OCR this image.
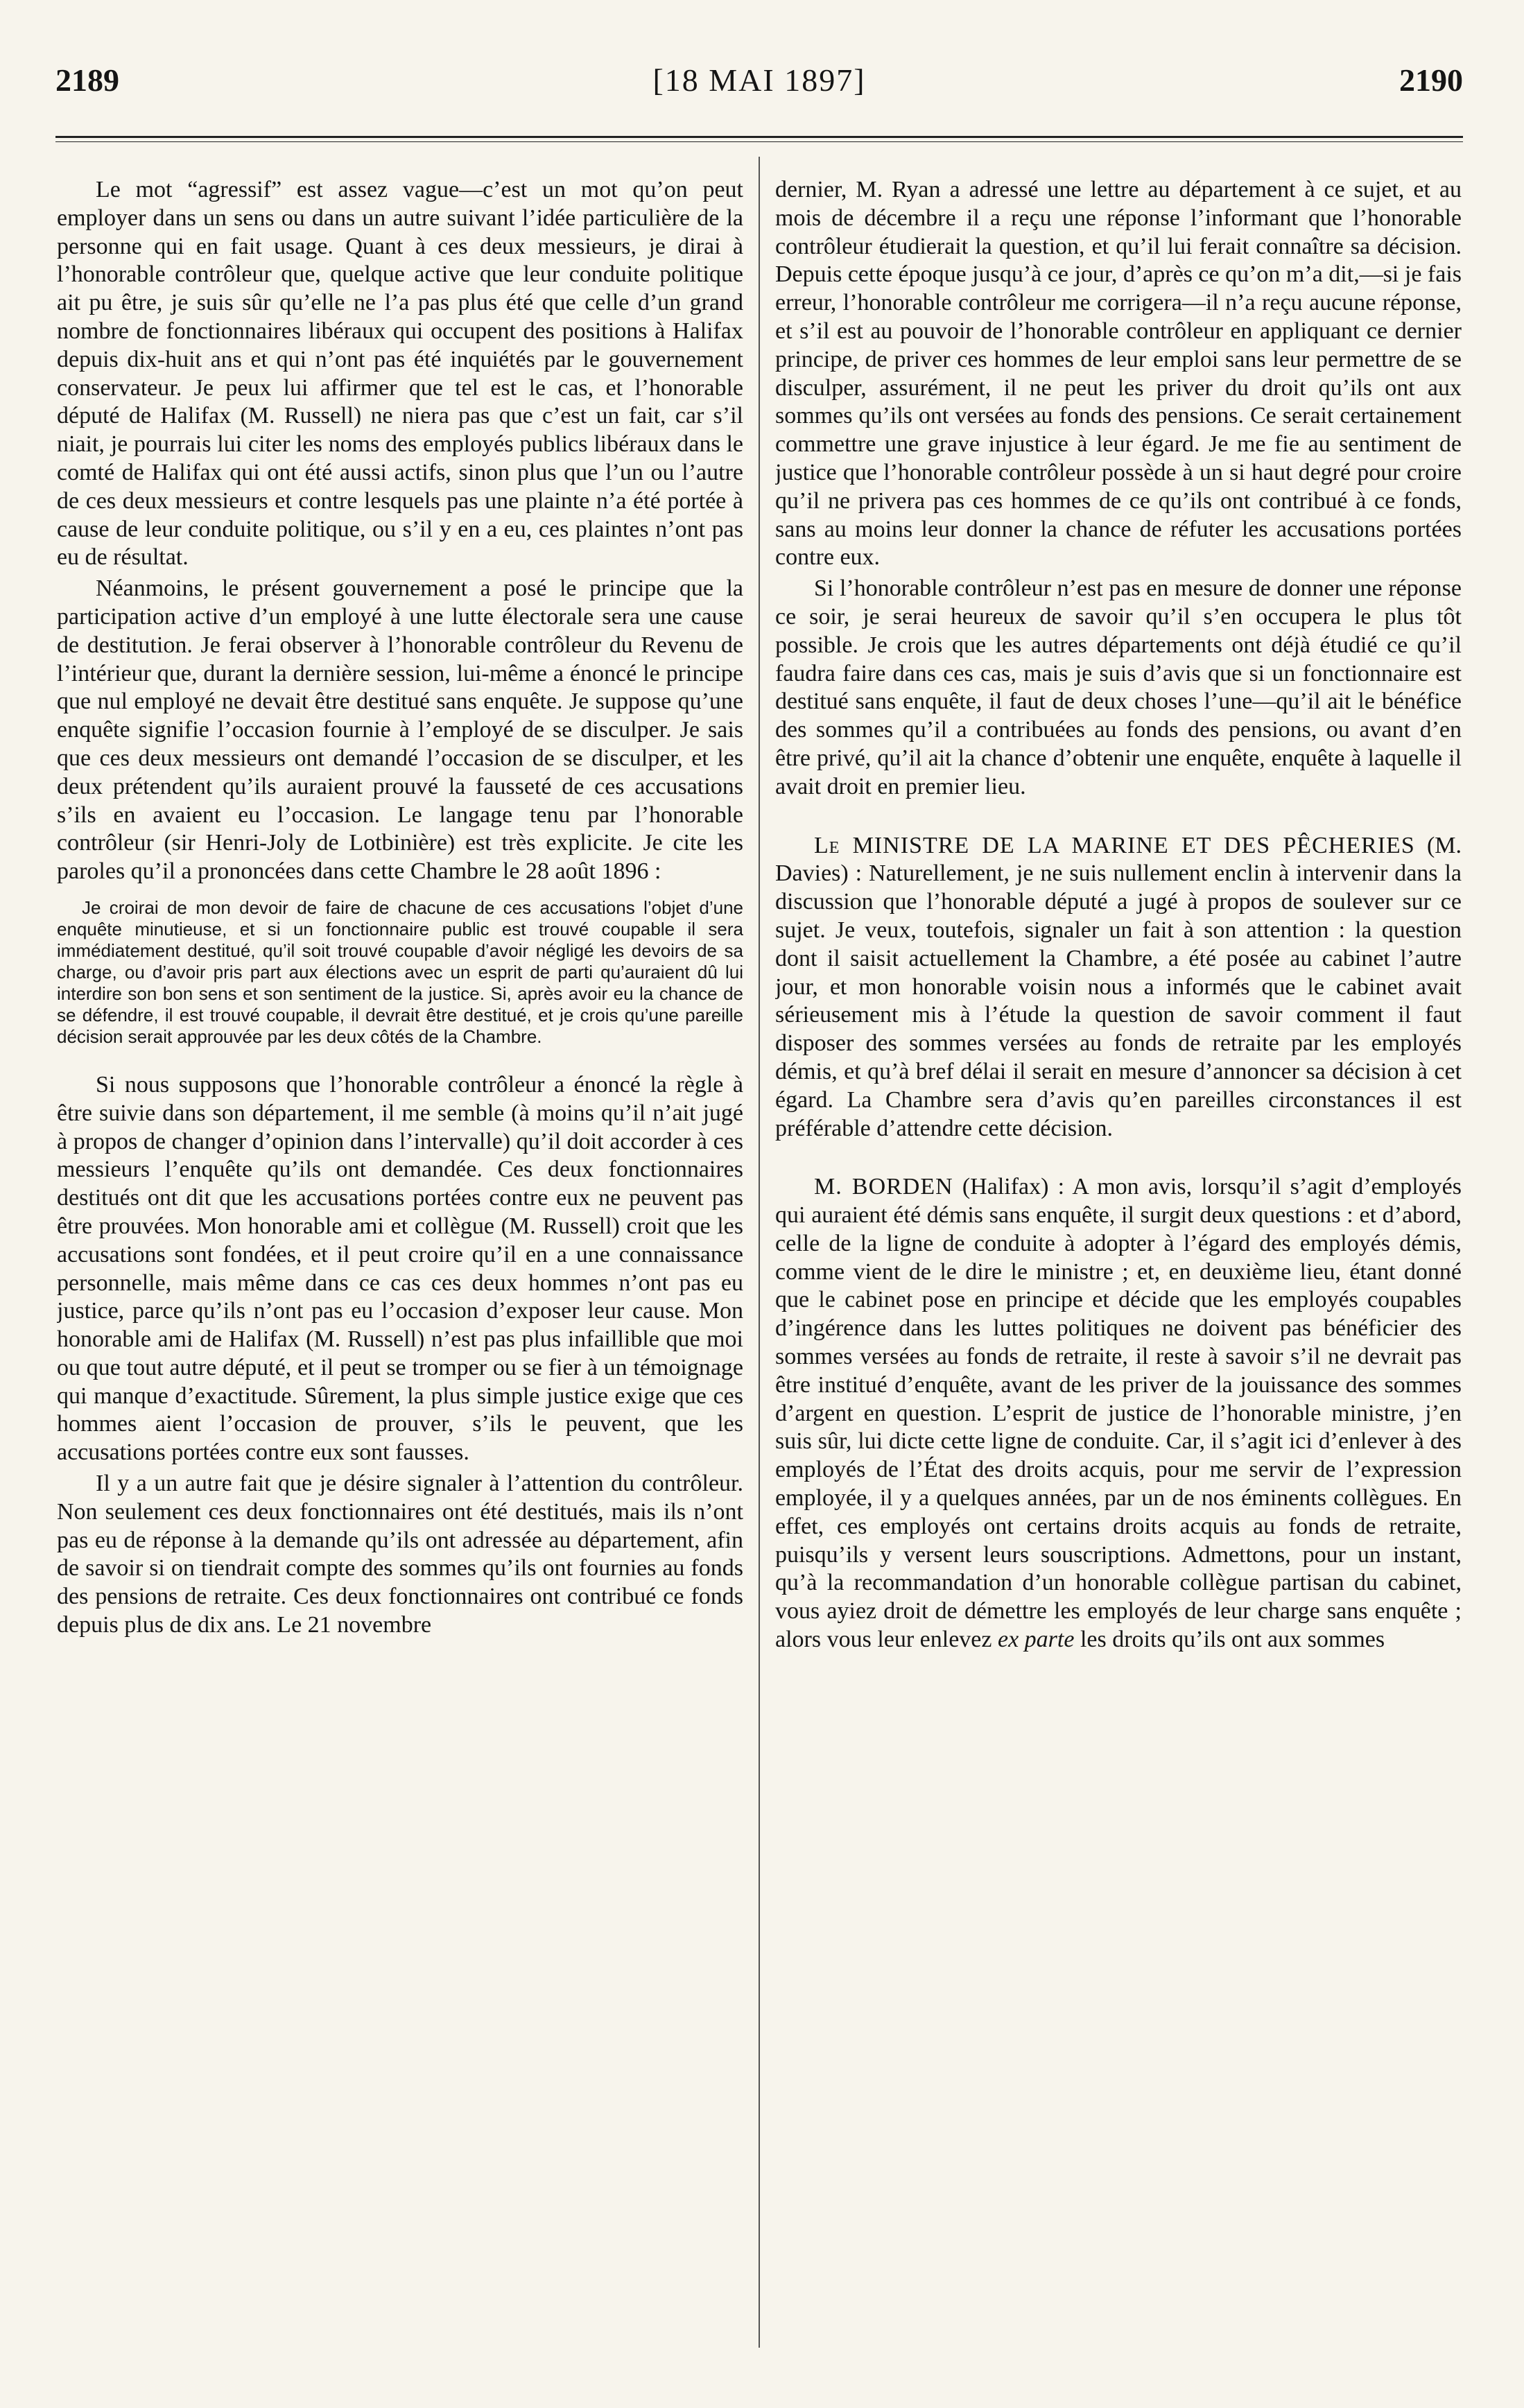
2189	[18 MAI 1897]	2190

Le mot “agressif” est assez vague—c’est un mot qu’on peut employer dans un sens ou dans un autre suivant l’idée particulière de la personne qui en fait usage. Quant à ces deux messieurs, je dirai à l’honorable contrôleur que, quelque active que leur conduite politique ait pu être, je suis sûr qu’elle ne l’a pas plus été que celle d’un grand nombre de fonctionnaires libéraux qui occupent des positions à Halifax depuis dix-huit ans et qui n’ont pas été inquiétés par le gouvernement conservateur. Je peux lui affirmer que tel est le cas, et l’honorable député de Halifax (M. Russell) ne niera pas que c’est un fait, car s’il niait, je pourrais lui citer les noms des employés publics libéraux dans le comté de Halifax qui ont été aussi actifs, sinon plus que l’un ou l’autre de ces deux messieurs et contre lesquels pas une plainte n’a été portée à cause de leur conduite politique, ou s’il y en a eu, ces plaintes n’ont pas eu de résultat.

Néanmoins, le présent gouvernement a posé le principe que la participation active d’un employé à une lutte électorale sera une cause de destitution. Je ferai observer à l’honorable contrôleur du Revenu de l’intérieur que, durant la dernière session, lui-même a énoncé le principe que nul employé ne devait être destitué sans enquête. Je suppose qu’une enquête signifie l’occasion fournie à l’employé de se disculper. Je sais que ces deux messieurs ont demandé l’occasion de se disculper, et les deux prétendent qu’ils auraient prouvé la fausseté de ces accusations s’ils en avaient eu l’occasion. Le langage tenu par l’honorable contrôleur (sir Henri-Joly de Lotbinière) est très explicite. Je cite les paroles qu’il a prononcées dans cette Chambre le 28 août 1896 :

Je croirai de mon devoir de faire de chacune de ces accusations l’objet d’une enquête minutieuse, et si un fonctionnaire public est trouvé coupable il sera immédiatement destitué, qu’il soit trouvé coupable d’avoir négligé les devoirs de sa charge, ou d’avoir pris part aux élections avec un esprit de parti qu’auraient dû lui interdire son bon sens et son sentiment de la justice. Si, après avoir eu la chance de se défendre, il est trouvé coupable, il devrait être destitué, et je crois qu’une pareille décision serait approuvée par les deux côtés de la Chambre.

Si nous supposons que l’honorable contrôleur a énoncé la règle à être suivie dans son département, il me semble (à moins qu’il n’ait jugé à propos de changer d’opinion dans l’intervalle) qu’il doit accorder à ces messieurs l’enquête qu’ils ont demandée. Ces deux fonctionnaires destitués ont dit que les accusations portées contre eux ne peuvent pas être prouvées. Mon honorable ami et collègue (M. Russell) croit que les accusations sont fondées, et il peut croire qu’il en a une connaissance personnelle, mais même dans ce cas ces deux hommes n’ont pas eu justice, parce qu’ils n’ont pas eu l’occasion d’exposer leur cause. Mon honorable ami de Halifax (M. Russell) n’est pas plus infaillible que moi ou que tout autre député, et il peut se tromper ou se fier à un témoignage qui manque d’exactitude. Sûrement, la plus simple justice exige que ces hommes aient l’occasion de prouver, s’ils le peuvent, que les accusations portées contre eux sont fausses.

Il y a un autre fait que je désire signaler à l’attention du contrôleur. Non seulement ces deux fonctionnaires ont été destitués, mais ils n’ont pas eu de réponse à la demande qu’ils ont adressée au département, afin de savoir si on tiendrait compte des sommes qu’ils ont fournies au fonds des pensions de retraite. Ces deux fonctionnaires ont contribué ce fonds depuis plus de dix ans. Le 21 novembre

dernier, M. Ryan a adressé une lettre au département à ce sujet, et au mois de décembre il a reçu une réponse l’informant que l’honorable contrôleur étudierait la question, et qu’il lui ferait connaître sa décision. Depuis cette époque jusqu’à ce jour, d’après ce qu’on m’a dit,—si je fais erreur, l’honorable contrôleur me corrigera—il n’a reçu aucune réponse, et s’il est au pouvoir de l’honorable contrôleur en appliquant ce dernier principe, de priver ces hommes de leur emploi sans leur permettre de se disculper, assurément, il ne peut les priver du droit qu’ils ont aux sommes qu’ils ont versées au fonds des pensions. Ce serait certainement commettre une grave injustice à leur égard. Je me fie au sentiment de justice que l’honorable contrôleur possède à un si haut degré pour croire qu’il ne privera pas ces hommes de ce qu’ils ont contribué à ce fonds, sans au moins leur donner la chance de réfuter les accusations portées contre eux.

Si l’honorable contrôleur n’est pas en mesure de donner une réponse ce soir, je serai heureux de savoir qu’il s’en occupera le plus tôt possible. Je crois que les autres départements ont déjà étudié ce qu’il faudra faire dans ces cas, mais je suis d’avis que si un fonctionnaire est destitué sans enquête, il faut de deux choses l’une—qu’il ait le bénéfice des sommes qu’il a contribuées au fonds des pensions, ou avant d’en être privé, qu’il ait la chance d’obtenir une enquête, enquête à laquelle il avait droit en premier lieu.

Le MINISTRE DE LA MARINE ET DES PÊCHERIES (M. Davies) : Naturellement, je ne suis nullement enclin à intervenir dans la discussion que l’honorable député a jugé à propos de soulever sur ce sujet. Je veux, toutefois, signaler un fait à son attention : la question dont il saisit actuellement la Chambre, a été posée au cabinet l’autre jour, et mon honorable voisin nous a informés que le cabinet avait sérieusement mis à l’étude la question de savoir comment il faut disposer des sommes versées au fonds de retraite par les employés démis, et qu’à bref délai il serait en mesure d’annoncer sa décision à cet égard. La Chambre sera d’avis qu’en pareilles circonstances il est préférable d’attendre cette décision.

M. BORDEN (Halifax) : A mon avis, lorsqu’il s’agit d’employés qui auraient été démis sans enquête, il surgit deux questions : et d’abord, celle de la ligne de conduite à adopter à l’égard des employés démis, comme vient de le dire le ministre ; et, en deuxième lieu, étant donné que le cabinet pose en principe et décide que les employés coupables d’ingérence dans les luttes politiques ne doivent pas bénéficier des sommes versées au fonds de retraite, il reste à savoir s’il ne devrait pas être institué d’enquête, avant de les priver de la jouissance des sommes d’argent en question. L’esprit de justice de l’honorable ministre, j’en suis sûr, lui dicte cette ligne de conduite. Car, il s’agit ici d’enlever à des employés de l’État des droits acquis, pour me servir de l’expression employée, il y a quelques années, par un de nos éminents collègues. En effet, ces employés ont certains droits acquis au fonds de retraite, puisqu’ils y versent leurs souscriptions. Admettons, pour un instant, qu’à la recommandation d’un honorable collègue partisan du cabinet, vous ayiez droit de démettre les employés de leur charge sans enquête ; alors vous leur enlevez ex parte les droits qu’ils ont aux sommes
